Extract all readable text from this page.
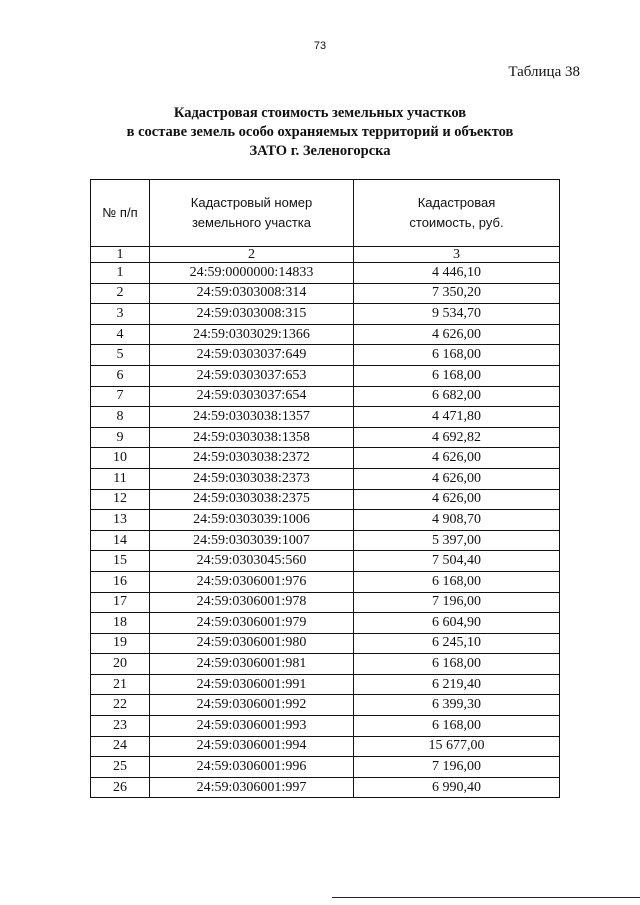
73
Таблица 38
Кадастровая стоимость земельных участков
в составе земель особо охраняемых территорий и объектов
ЗАТО г. Зеленогорска
№ п/п	Кадастровый номер земельного участка	Кадастровая стоимость, руб.

1	2	3
1	24:59:0000000:14833	4 446,10
2	24:59:0303008:314	7 350,20
3	24:59:0303008:315	9 534,70
4	24:59:0303029:1366	4 626,00
5	24:59:0303037:649	6 168,00
6	24:59:0303037:653	6 168,00
7	24:59:0303037:654	6 682,00
8	24:59:0303038:1357	4 471,80
9	24:59:0303038:1358	4 692,82
10	24:59:0303038:2372	4 626,00
11	24:59:0303038:2373	4 626,00
12	24:59:0303038:2375	4 626,00
13	24:59:0303039:1006	4 908,70
14	24:59:0303039:1007	5 397,00
15	24:59:0303045:560	7 504,40
16	24:59:0306001:976	6 168,00
17	24:59:0306001:978	7 196,00
18	24:59:0306001:979	6 604,90
19	24:59:0306001:980	6 245,10
20	24:59:0306001:981	6 168,00
21	24:59:0306001:991	6 219,40
22	24:59:0306001:992	6 399,30
23	24:59:0306001:993	6 168,00
24	24:59:0306001:994	15 677,00
25	24:59:0306001:996	7 196,00
26	24:59:0306001:997	6 990,40
